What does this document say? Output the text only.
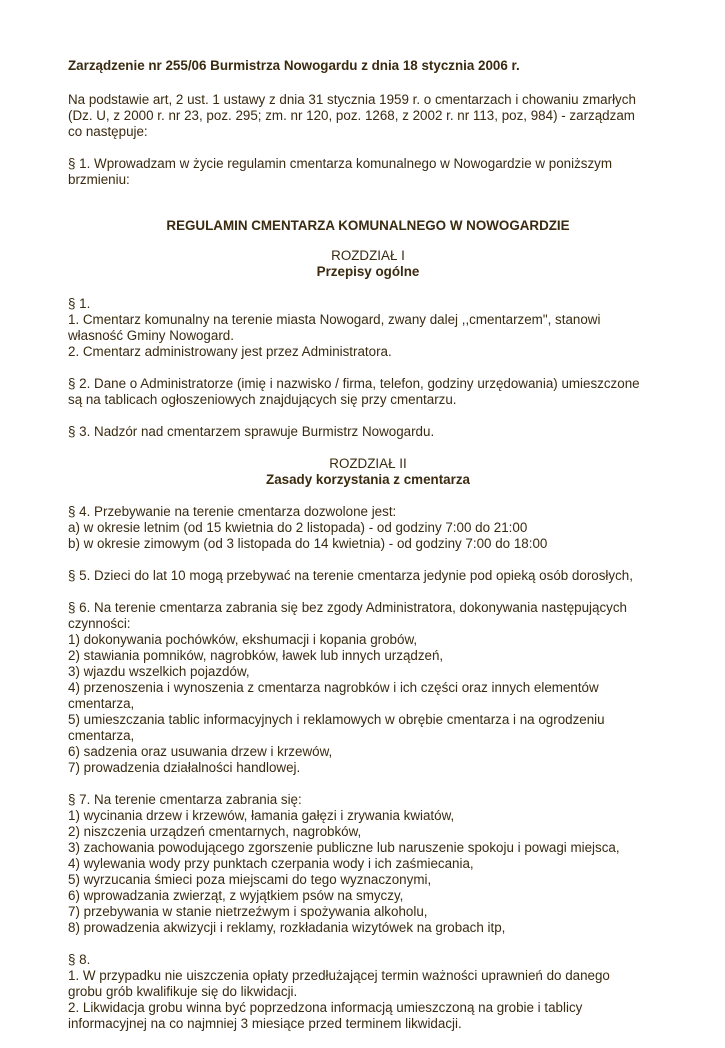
Zarządzenie nr 255/06 Burmistrza Nowogardu z dnia 18 stycznia 2006 r.
Na podstawie art, 2 ust. 1 ustawy z dnia 31 stycznia 1959 r. o cmentarzach i chowaniu zmarłych
(Dz. U, z 2000 r. nr 23, poz. 295; zm. nr 120, poz. 1268, z 2002 r. nr 113, poz, 984) - zarządzam
co następuje:
§ 1. Wprowadzam w życie regulamin cmentarza komunalnego w Nowogardzie w poniższym
brzmieniu:
REGULAMIN CMENTARZA KOMUNALNEGO W NOWOGARDZIE
ROZDZIAŁ I
Przepisy ogólne
§ 1.
1. Cmentarz komunalny na terenie miasta Nowogard, zwany dalej ,,cmentarzem", stanowi
własność Gminy Nowogard.
2. Cmentarz administrowany jest przez Administratora.
§ 2. Dane o Administratorze (imię i nazwisko / firma, telefon, godziny urzędowania) umieszczone
są na tablicach ogłoszeniowych znajdujących się przy cmentarzu.
§ 3. Nadzór nad cmentarzem sprawuje Burmistrz Nowogardu.
ROZDZIAŁ II
Zasady korzystania z cmentarza
§ 4. Przebywanie na terenie cmentarza dozwolone jest:
a) w okresie letnim (od 15 kwietnia do 2 listopada) - od godziny 7:00 do 21:00
b) w okresie zimowym (od 3 listopada do 14 kwietnia) - od godziny 7:00 do 18:00
§ 5. Dzieci do lat 10 mogą przebywać na terenie cmentarza jedynie pod opieką osób dorosłych,
§ 6. Na terenie cmentarza zabrania się bez zgody Administratora, dokonywania następujących
czynności:
1) dokonywania pochówków, ekshumacji i kopania grobów,
2) stawiania pomników, nagrobków, ławek lub innych urządzeń,
3) wjazdu wszelkich pojazdów,
4) przenoszenia i wynoszenia z cmentarza nagrobków i ich części oraz innych elementów
cmentarza,
5) umieszczania tablic informacyjnych i reklamowych w obrębie cmentarza i na ogrodzeniu
cmentarza,
6) sadzenia oraz usuwania drzew i krzewów,
7) prowadzenia działalności handlowej.
§ 7. Na terenie cmentarza zabrania się:
1) wycinania drzew i krzewów, łamania gałęzi i zrywania kwiatów,
2) niszczenia urządzeń cmentarnych, nagrobków,
3) zachowania powodującego zgorszenie publiczne lub naruszenie spokoju i powagi miejsca,
4) wylewania wody przy punktach czerpania wody i ich zaśmiecania,
5) wyrzucania śmieci poza miejscami do tego wyznaczonymi,
6) wprowadzania zwierząt, z wyjątkiem psów na smyczy,
7) przebywania w stanie nietrzeźwym i spożywania alkoholu,
8) prowadzenia akwizycji i reklamy, rozkładania wizytówek na grobach itp,
§ 8.
1. W przypadku nie uiszczenia opłaty przedłużającej termin ważności uprawnień do danego
grobu grób kwalifikuje się do likwidacji.
2. Likwidacja grobu winna być poprzedzona informacją umieszczoną na grobie i tablicy
informacyjnej na co najmniej 3 miesiące przed terminem likwidacji.
